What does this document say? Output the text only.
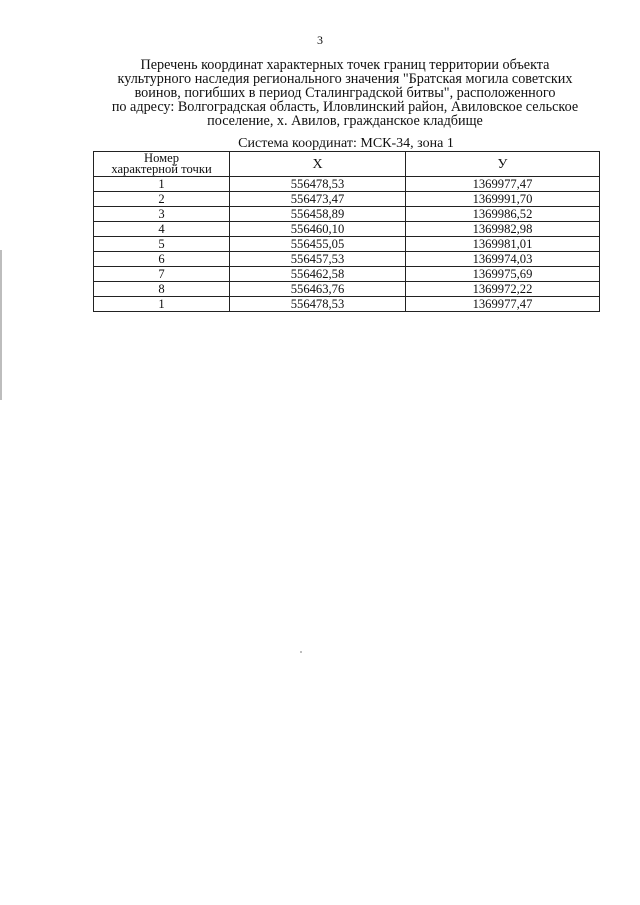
3
Перечень координат характерных точек границ территории объекта
культурного наследия регионального значения "Братская могила советских
воинов, погибших в период Сталинградской битвы", расположенного
по адресу: Волгоградская область, Иловлинский район, Авиловское сельское
поселение, х. Авилов, гражданское кладбище
Система координат: МСК-34, зона 1
Номер
характерной точки	X	У
1	556478,53	1369977,47
2	556473,47	1369991,70
3	556458,89	1369986,52
4	556460,10	1369982,98
5	556455,05	1369981,01
6	556457,53	1369974,03
7	556462,58	1369975,69
8	556463,76	1369972,22
1	556478,53	1369977,47
